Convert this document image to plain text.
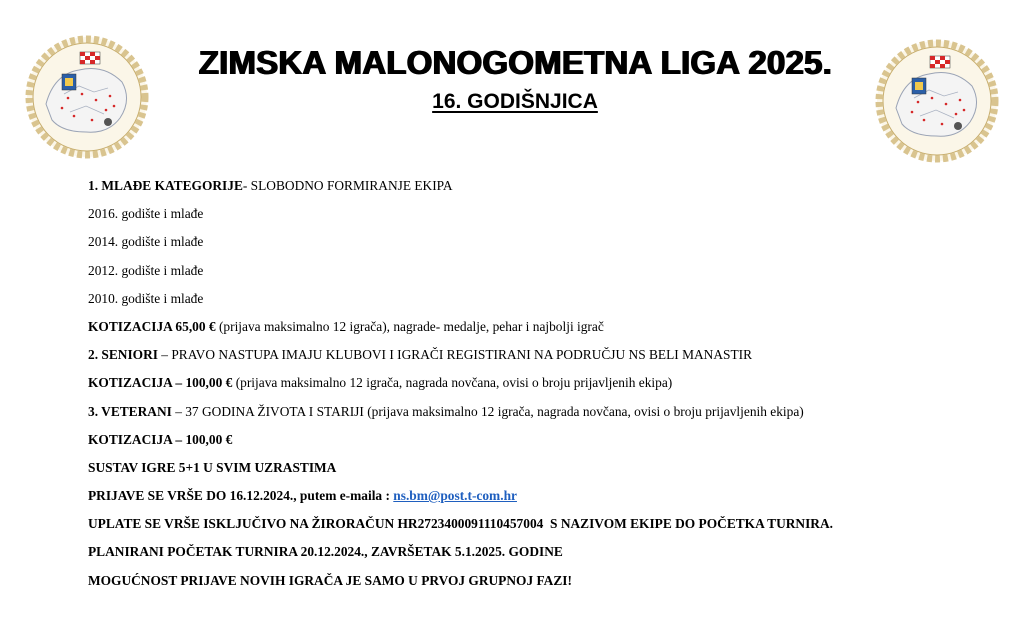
ZIMSKA MALONOGOMETNA LIGA 2025.
16. GODIŠNJICA
1. MLAĐE KATEGORIJE- SLOBODNO FORMIRANJE EKIPA
2016. godište i mlađe
2014. godište i mlađe
2012. godište i mlađe
2010. godište i mlađe
KOTIZACIJA 65,00 € (prijava maksimalno 12 igrača), nagrade- medalje, pehar i najbolji igrač
2. SENIORI – PRAVO NASTUPA IMAJU KLUBOVI I IGRAČI REGISTIRANI NA PODRUČJU NS BELI MANASTIR
KOTIZACIJA – 100,00 € (prijava maksimalno 12 igrača, nagrada novčana, ovisi o broju prijavljenih ekipa)
3. VETERANI – 37 GODINA ŽIVOTA I STARIJI (prijava maksimalno 12 igrača, nagrada novčana, ovisi o broju prijavljenih ekipa)
KOTIZACIJA – 100,00 €
SUSTAV IGRE 5+1 U SVIM UZRASTIMA
PRIJAVE SE VRŠE DO 16.12.2024., putem e-maila : ns.bm@post.t-com.hr
UPLATE SE VRŠE ISKLJUČIVO NA ŽIRORAČUN HR2723400091110457004  S NAZIVOM EKIPE DO POČETKA TURNIRA.
PLANIRANI POČETAK TURNIRA 20.12.2024., ZAVRŠETAK 5.1.2025. GODINE
MOGUĆNOST PRIJAVE NOVIH IGRAČA JE SAMO U PRVOJ GRUPNOJ FAZI!
